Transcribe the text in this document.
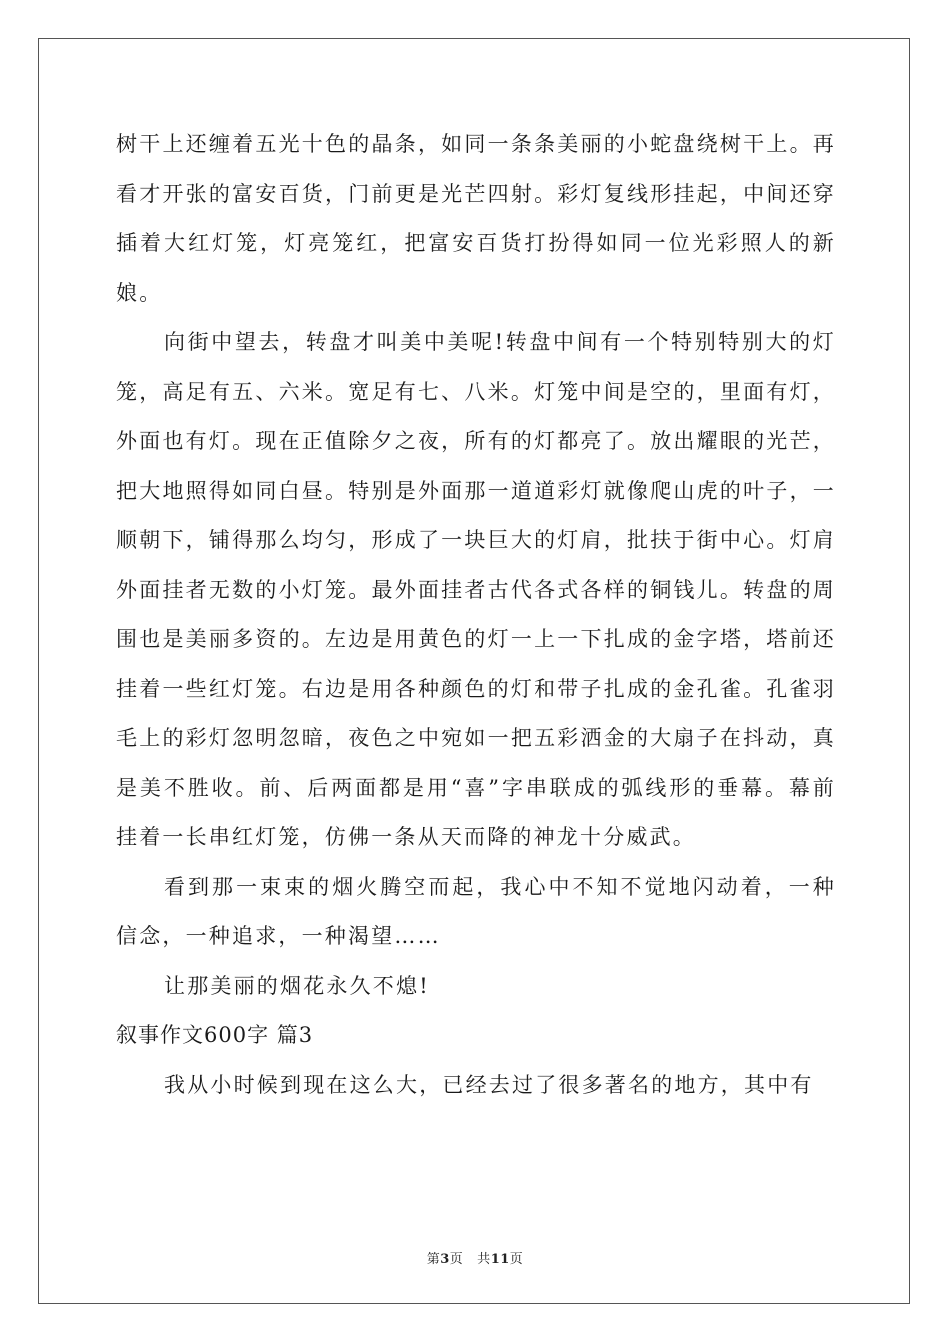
树干上还缠着五光十色的晶条，如同一条条美丽的小蛇盘绕树干上。再看才开张的富安百货，门前更是光芒四射。彩灯复线形挂起，中间还穿插着大红灯笼，灯亮笼红，把富安百货打扮得如同一位光彩照人的新娘。

向街中望去，转盘才叫美中美呢!转盘中间有一个特别特别大的灯笼，高足有五、六米。宽足有七、八米。灯笼中间是空的，里面有灯，外面也有灯。现在正值除夕之夜，所有的灯都亮了。放出耀眼的光芒，把大地照得如同白昼。特别是外面那一道道彩灯就像爬山虎的叶子，一顺朝下，铺得那么均匀，形成了一块巨大的灯肩，批扶于街中心。灯肩外面挂者无数的小灯笼。最外面挂者古代各式各样的铜钱儿。转盘的周围也是美丽多资的。左边是用黄色的灯一上一下扎成的金字塔，塔前还挂着一些红灯笼。右边是用各种颜色的灯和带子扎成的金孔雀。孔雀羽毛上的彩灯忽明忽暗，夜色之中宛如一把五彩洒金的大扇子在抖动，真是美不胜收。前、后两面都是用“喜”字串联成的弧线形的垂幕。幕前挂着一长串红灯笼，仿佛一条从天而降的神龙十分威武。

看到那一束束的烟火腾空而起，我心中不知不觉地闪动着，一种信念，一种追求，一种渴望……

让那美丽的烟花永久不熄!

叙事作文600字 篇3

我从小时候到现在这么大，已经去过了很多著名的地方，其中有

第3页 共11页
